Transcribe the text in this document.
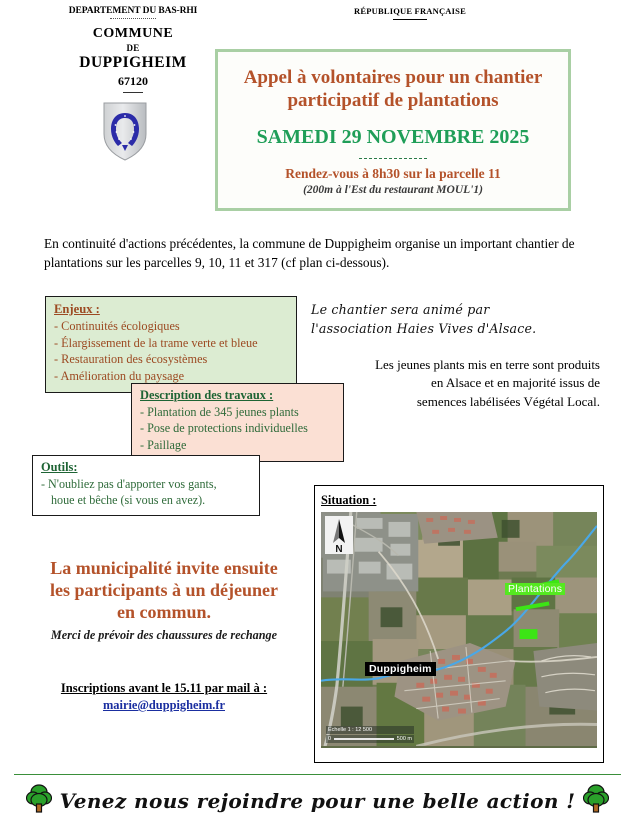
DEPARTEMENT DU BAS-RHI
COMMUNE
DE
DUPPIGHEIM
67120
RÉPUBLIQUE FRANÇAISE
Appel à volontaires pour un chantier
participatif de plantations
SAMEDI 29 NOVEMBRE 2025
Rendez-vous à 8h30 sur la parcelle 11
(200m à l'Est du restaurant MOUL'1)
En continuité d'actions précédentes, la commune de Duppigheim organise un important chantier de plantations sur les parcelles 9, 10, 11 et 317 (cf plan ci-dessous).
Enjeux :
- Continuités écologiques
- Élargissement de la trame verte et bleue
- Restauration des écosystèmes
- Amélioration du paysage
Description des travaux :
- Plantation de 345 jeunes plants
- Pose de protections individuelles
- Paillage
Outils:
- N'oubliez pas d'apporter vos gants,
houe et bêche (si vous en avez).
Le chantier sera animé par
l'association Haies Vives d'Alsace.
Les jeunes plants mis en terre sont produits
en Alsace et en majorité issus de
semences labélisées Végétal Local.
La municipalité invite ensuite
les participants à un déjeuner
en commun.
Merci de prévoir des chaussures de rechange
Inscriptions avant le 15.11 par mail à :
mairie@duppigheim.fr
Situation :
N
Plantations
Duppigheim
Échelle 1 : 12 500
0	500 m
Venez nous rejoindre pour une belle action !
